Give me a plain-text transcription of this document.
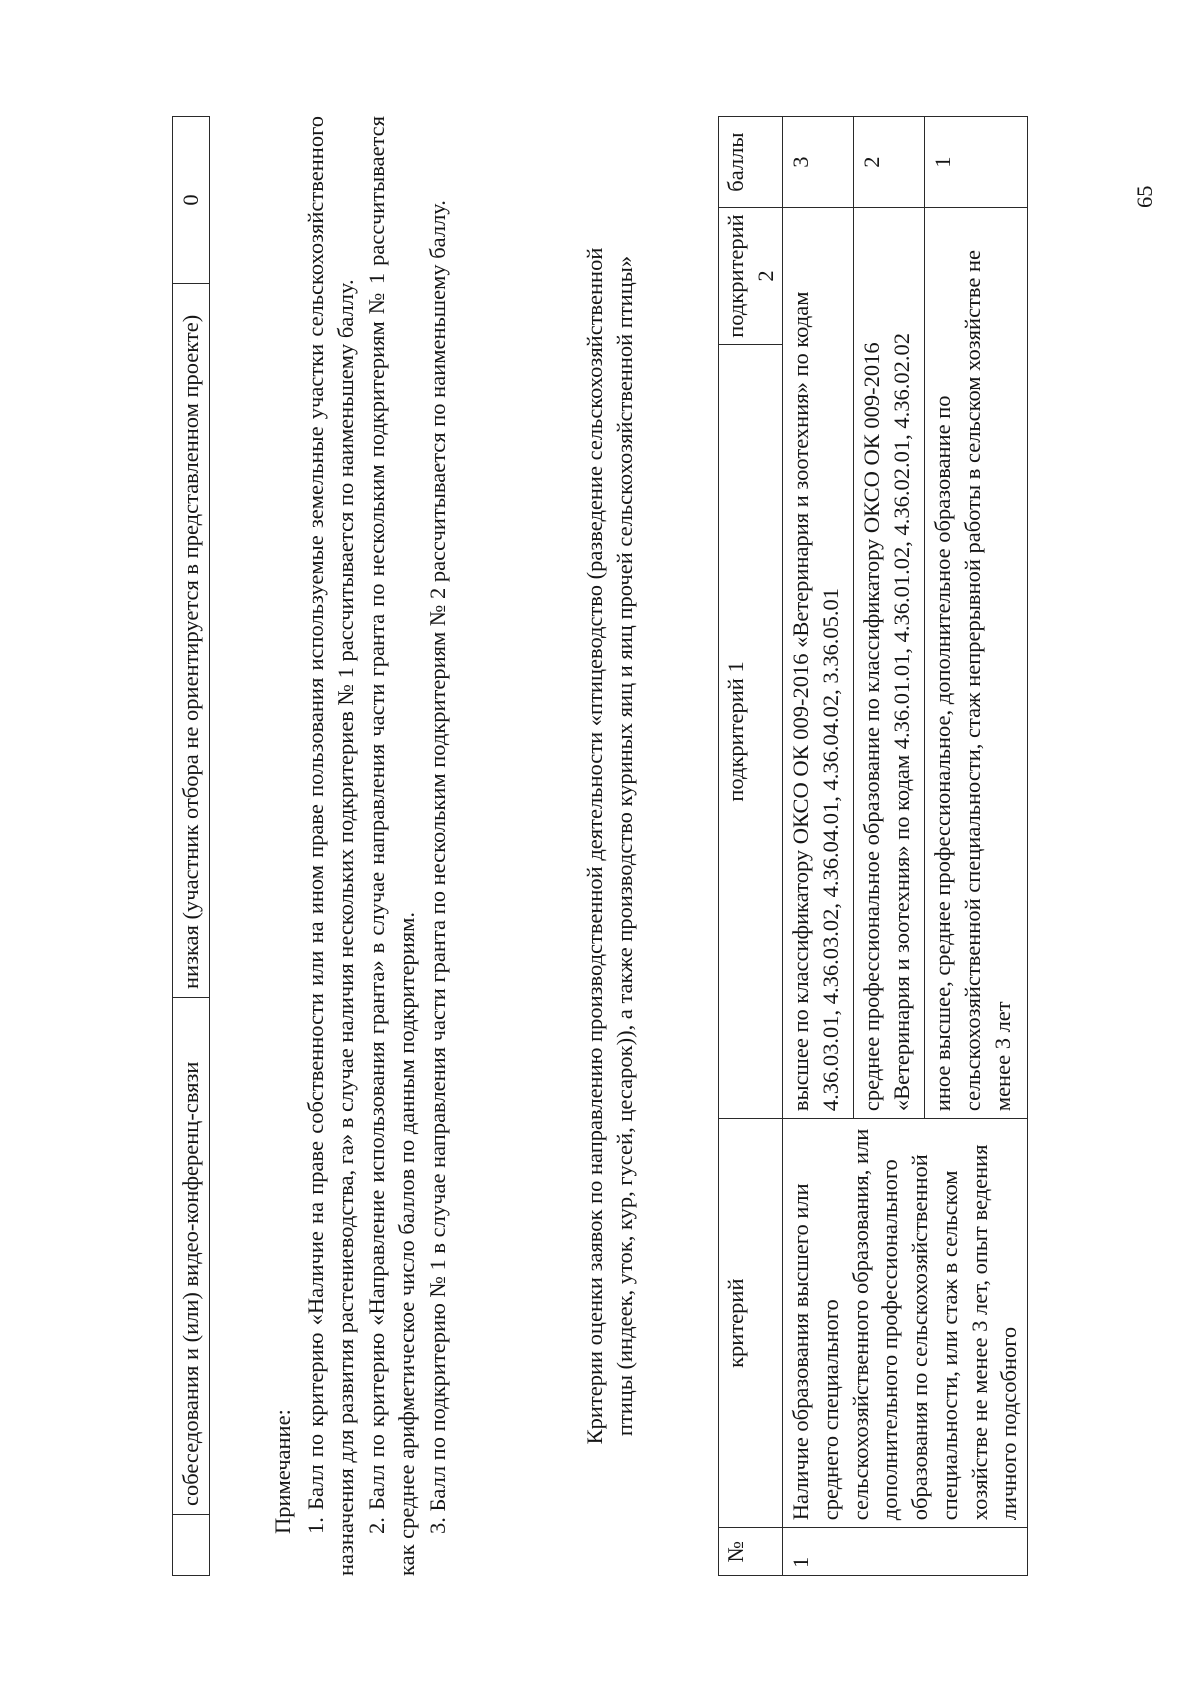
	собеседования и (или) видео-конференц-связи	низкая (участник отбора не ориентируется в представленном проекте)	0

Примечание: 1. Балл по критерию «Наличие на праве собственности или на ином праве пользования используемые земельные участки сельскохозяйственного назначения для развития растениеводства, га» в случае наличия нескольких подкритериев № 1 рассчитывается по наименьшему баллу. 2. Балл по критерию «Направление использования гранта» в случае направления части гранта по нескольким подкритериям № 1 рассчитывается как среднее арифметическое число баллов по данным подкритериям. 3. Балл по подкритерию № 1 в случае направления части гранта по нескольким подкритериям № 2 рассчитывается по наименьшему баллу.	Критерии оценки заявок по направлению производственной деятельности «птицеводство (разведение сельскохозяйственной птицы (индеек, уток, кур, гусей, цесарок)), а также производство куриных яиц и яиц прочей сельскохозяйственной птицы»
№	критерий	подкритерий 1	подкритерий 2	баллы
1	Наличие образования высшего или среднего специального сельскохозяйственного образования, или дополнительного профессионального образования по сельскохозяйственной специальности, или стаж в сельском хозяйстве не менее 3 лет, опыт ведения личного подсобного	высшее по классификатору ОКСО ОК 009-2016 «Ветеринария и зоотехния» по кодам 4.36.03.01, 4.36.03.02, 4.36.04.01, 4.36.04.02, 3.36.05.01		3
		среднее профессиональное образование по классификатору ОКСО ОК 009-2016 «Ветеринария и зоотехния» по кодам 4.36.01.01, 4.36.01.02, 4.36.02.01, 4.36.02.02		2
		иное высшее, среднее профессиональное, дополнительное образование по сельскохозяйственной специальности, стаж непрерывной работы в сельском хозяйстве не менее 3 лет		1
65
